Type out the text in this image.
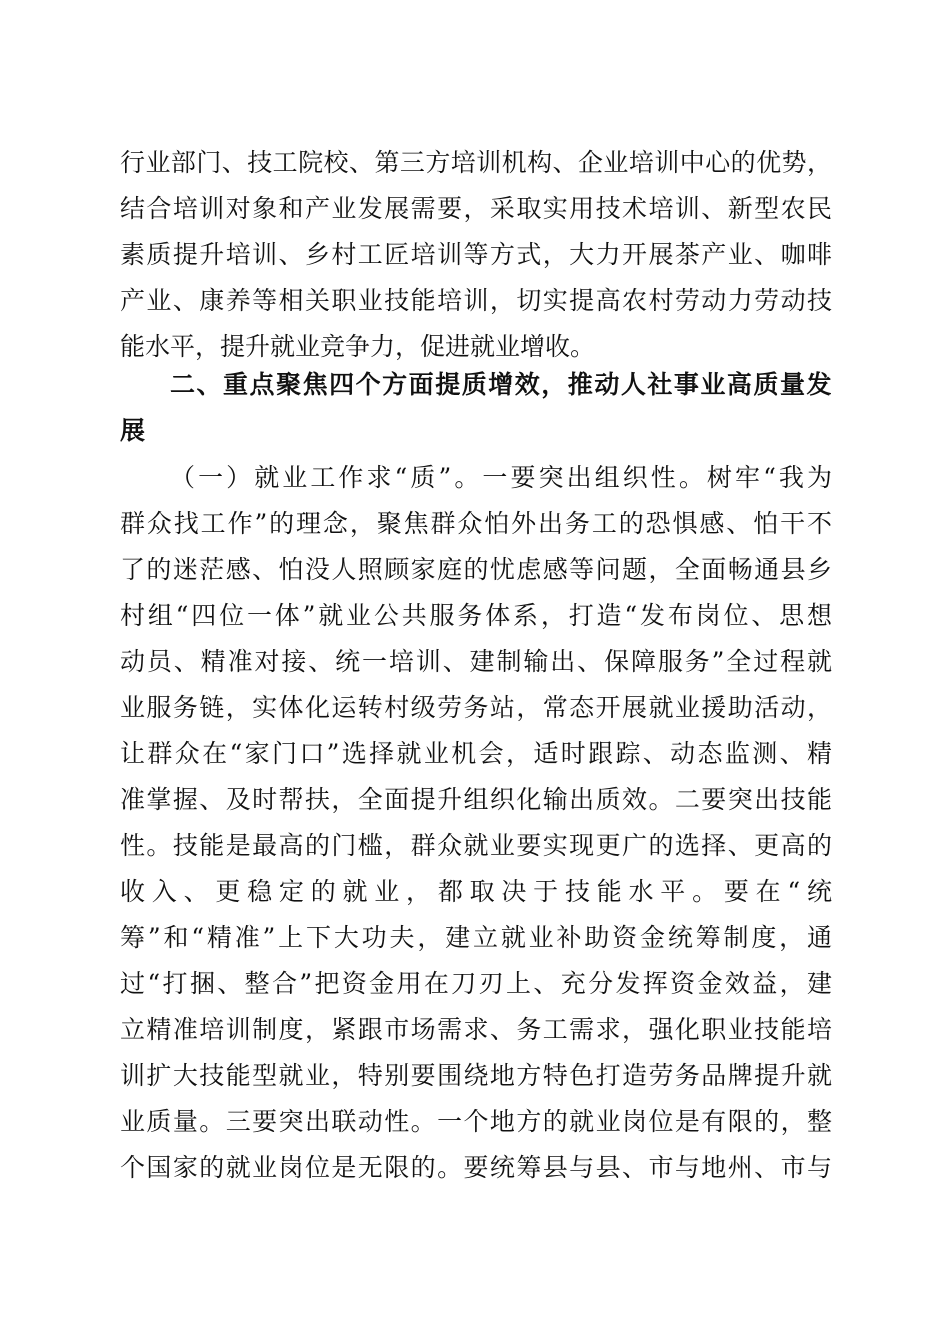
行业部门、技工院校、第三方培训机构、企业培训中心的优势，
结合培训对象和产业发展需要，采取实用技术培训、新型农民
素质提升培训、乡村工匠培训等方式，大力开展茶产业、咖啡
产业、康养等相关职业技能培训，切实提高农村劳动力劳动技
能水平，提升就业竞争力，促进就业增收。
二、重点聚焦四个方面提质增效，推动人社事业高质量发
展
（一）就业工作求“质”。一要突出组织性。树牢“我为
群众找工作”的理念，聚焦群众怕外出务工的恐惧感、怕干不
了的迷茫感、怕没人照顾家庭的忧虑感等问题，全面畅通县乡
村组“四位一体”就业公共服务体系，打造“发布岗位、思想
动员、精准对接、统一培训、建制输出、保障服务”全过程就
业服务链，实体化运转村级劳务站，常态开展就业援助活动，
让群众在“家门口”选择就业机会，适时跟踪、动态监测、精
准掌握、及时帮扶，全面提升组织化输出质效。二要突出技能
性。技能是最高的门槛，群众就业要实现更广的选择、更高的
收入、更稳定的就业，都取决于技能水平。要在“统
筹”和“精准”上下大功夫，建立就业补助资金统筹制度，通
过“打捆、整合”把资金用在刀刃上、充分发挥资金效益，建
立精准培训制度，紧跟市场需求、务工需求，强化职业技能培
训扩大技能型就业，特别要围绕地方特色打造劳务品牌提升就
业质量。三要突出联动性。一个地方的就业岗位是有限的，整
个国家的就业岗位是无限的。要统筹县与县、市与地州、市与
